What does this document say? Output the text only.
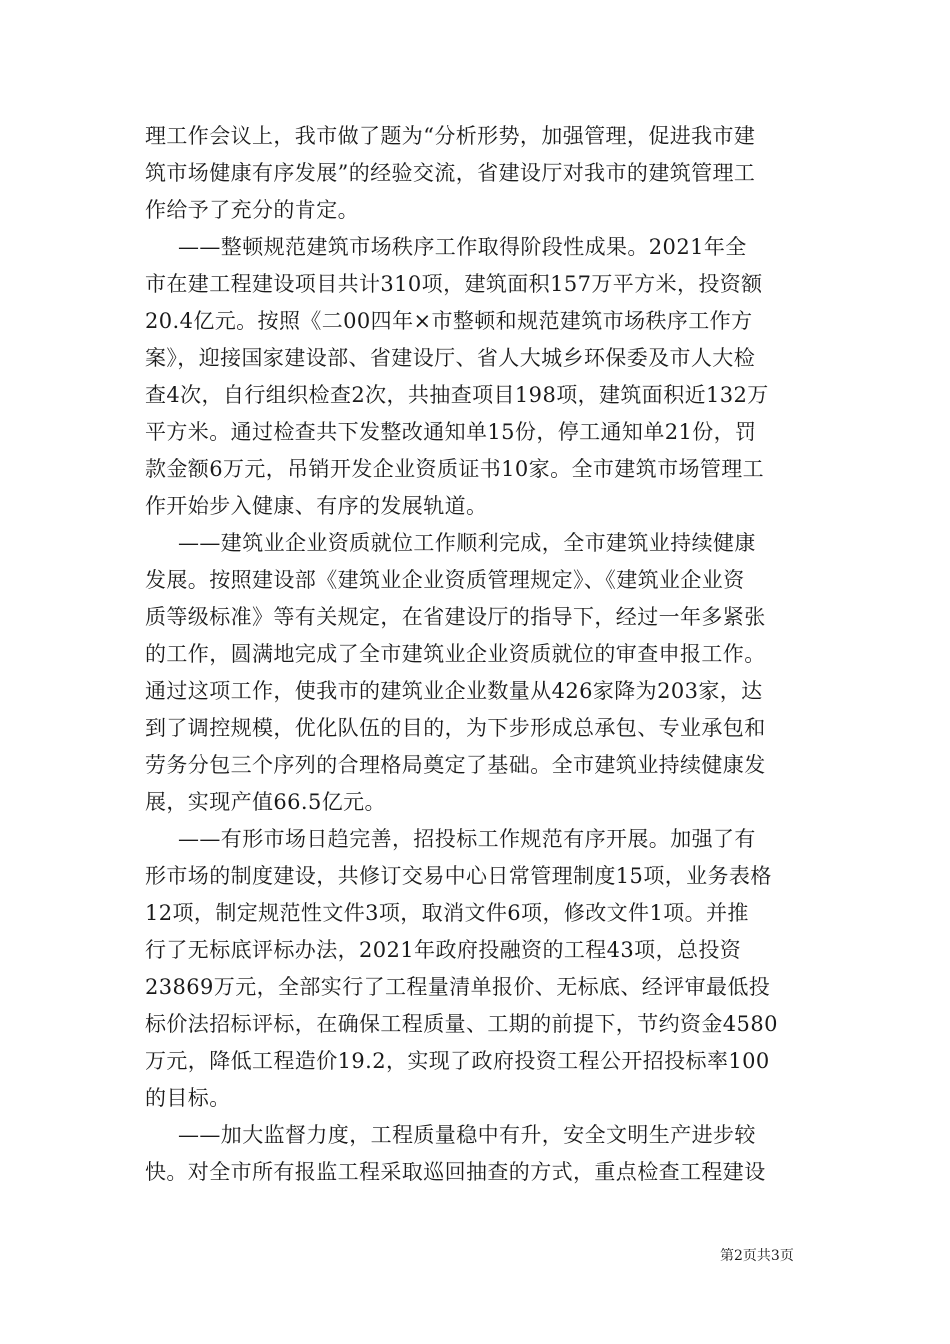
理工作会议上，我市做了题为“分析形势，加强管理，促进我市建
筑市场健康有序发展”的经验交流，省建设厅对我市的建筑管理工
作给予了充分的肯定。
——整顿规范建筑市场秩序工作取得阶段性成果。2021年全
市在建工程建设项目共计310项，建筑面积157万平方米，投资额
20.4亿元。按照《二00四年×市整顿和规范建筑市场秩序工作方
案》，迎接国家建设部、省建设厅、省人大城乡环保委及市人大检
查4次，自行组织检查2次，共抽查项目198项，建筑面积近132万
平方米。通过检查共下发整改通知单15份，停工通知单21份，罚
款金额6万元，吊销开发企业资质证书10家。全市建筑市场管理工
作开始步入健康、有序的发展轨道。
——建筑业企业资质就位工作顺利完成，全市建筑业持续健康
发展。按照建设部《建筑业企业资质管理规定》、《建筑业企业资
质等级标准》等有关规定，在省建设厅的指导下，经过一年多紧张
的工作，圆满地完成了全市建筑业企业资质就位的审查申报工作。
通过这项工作，使我市的建筑业企业数量从426家降为203家，达
到了调控规模，优化队伍的目的，为下步形成总承包、专业承包和
劳务分包三个序列的合理格局奠定了基础。全市建筑业持续健康发
展，实现产值66.5亿元。
——有形市场日趋完善，招投标工作规范有序开展。加强了有
形市场的制度建设，共修订交易中心日常管理制度15项，业务表格
12项，制定规范性文件3项，取消文件6项，修改文件1项。并推
行了无标底评标办法，2021年政府投融资的工程43项，总投资
23869万元，全部实行了工程量清单报价、无标底、经评审最低投
标价法招标评标，在确保工程质量、工期的前提下，节约资金4580
万元，降低工程造价19.2，实现了政府投资工程公开招投标率100
的目标。
——加大监督力度，工程质量稳中有升，安全文明生产进步较
快。对全市所有报监工程采取巡回抽查的方式，重点检查工程建设
第2页共3页
